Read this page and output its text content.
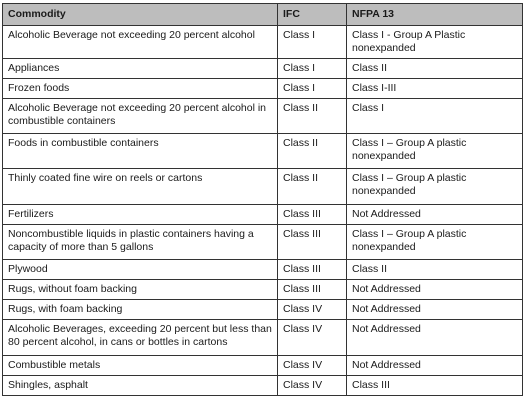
Commodity	IFC	NFPA 13
Alcoholic Beverage not exceeding 20 percent alcohol	Class I	Class I - Group A Plastic nonexpanded
Appliances	Class I	Class II
Frozen foods	Class I	Class I-III
Alcoholic Beverage not exceeding 20 percent alcohol in combustible containers	Class II	Class I
Foods in combustible containers	Class II	Class I – Group A plastic nonexpanded
Thinly coated fine wire on reels or cartons	Class II	Class I – Group A plastic nonexpanded
Fertilizers	Class III	Not Addressed
Noncombustible liquids in plastic containers having a capacity of more than 5 gallons	Class III	Class I – Group A plastic nonexpanded
Plywood	Class III	Class II
Rugs, without foam backing	Class III	Not Addressed
Rugs, with foam backing	Class IV	Not Addressed
Alcoholic Beverages, exceeding 20 percent but less than 80 percent alcohol, in cans or bottles in cartons	Class IV	Not Addressed
Combustible metals	Class IV	Not Addressed
Shingles, asphalt	Class IV	Class III
